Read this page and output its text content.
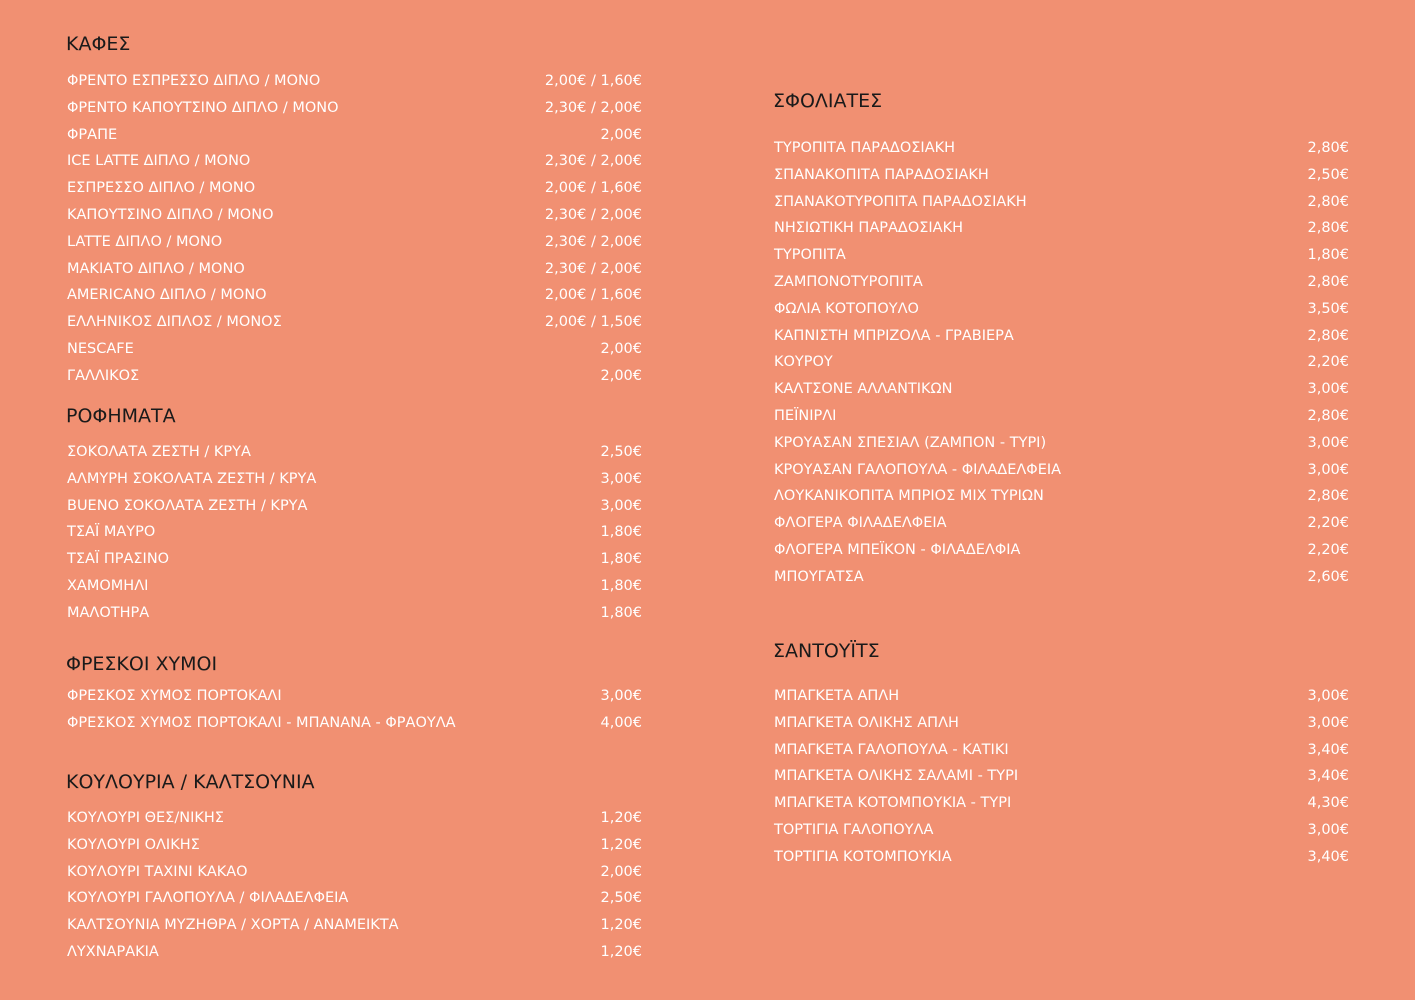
ΚΑΦΕΣ
ΦΡΕΝΤΟ ΕΣΠΡΕΣΣΟ ΔΙΠΛΟ / ΜΟΝΟ	2,00€ / 1,60€
ΦΡΕΝΤΟ ΚΑΠΟΥΤΣΙΝΟ ΔΙΠΛΟ / ΜΟΝΟ	2,30€ / 2,00€
ΦΡΑΠΕ	2,00€
ICE LATTE ΔΙΠΛΟ / ΜΟΝΟ	2,30€ / 2,00€
ΕΣΠΡΕΣΣΟ ΔΙΠΛΟ / ΜΟΝΟ	2,00€ / 1,60€
ΚΑΠΟΥΤΣΙΝΟ ΔΙΠΛΟ / ΜΟΝΟ	2,30€ / 2,00€
LATTE ΔΙΠΛΟ / ΜΟΝΟ	2,30€ / 2,00€
ΜΑΚΙΑΤΟ ΔΙΠΛΟ / ΜΟΝΟ	2,30€ / 2,00€
AMERICANO ΔΙΠΛΟ / ΜΟΝΟ	2,00€ / 1,60€
ΕΛΛΗΝΙΚΟΣ ΔΙΠΛΟΣ / ΜΟΝΟΣ	2,00€ / 1,50€
NESCAFE	2,00€
ΓΑΛΛΙΚΟΣ	2,00€
ΡΟΦΗΜΑΤΑ
ΣΟΚΟΛΑΤΑ ΖΕΣΤΗ / ΚΡΥΑ	2,50€
ΑΛΜΥΡΗ ΣΟΚΟΛΑΤΑ ΖΕΣΤΗ / ΚΡΥΑ	3,00€
BUENO ΣΟΚΟΛΑΤΑ ΖΕΣΤΗ / ΚΡΥΑ	3,00€
ΤΣΑΪ ΜΑΥΡΟ	1,80€
ΤΣΑΪ ΠΡΑΣΙΝΟ	1,80€
ΧΑΜΟΜΗΛΙ	1,80€
ΜΑΛΟΤΗΡΑ	1,80€
ΦΡΕΣΚΟΙ ΧΥΜΟΙ
ΦΡΕΣΚΟΣ ΧΥΜΟΣ ΠΟΡΤΟΚΑΛΙ	3,00€
ΦΡΕΣΚΟΣ ΧΥΜΟΣ ΠΟΡΤΟΚΑΛΙ - ΜΠΑΝΑΝΑ - ΦΡΑΟΥΛΑ	4,00€
ΚΟΥΛΟΥΡΙΑ / ΚΑΛΤΣΟΥΝΙΑ
ΚΟΥΛΟΥΡΙ ΘΕΣ/ΝΙΚΗΣ	1,20€
ΚΟΥΛΟΥΡΙ ΟΛΙΚΗΣ	1,20€
ΚΟΥΛΟΥΡΙ ΤΑΧΙΝΙ ΚΑΚΑΟ	2,00€
ΚΟΥΛΟΥΡΙ ΓΑΛΟΠΟΥΛΑ / ΦΙΛΑΔΕΛΦΕΙΑ	2,50€
ΚΑΛΤΣΟΥΝΙΑ ΜΥΖΗΘΡΑ / ΧΟΡΤΑ / ΑΝΑΜΕΙΚΤΑ	1,20€
ΛΥΧΝΑΡΑΚΙΑ	1,20€
ΣΦΟΛΙΑΤΕΣ
ΤΥΡΟΠΙΤΑ ΠΑΡΑΔΟΣΙΑΚΗ	2,80€
ΣΠΑΝΑΚΟΠΙΤΑ ΠΑΡΑΔΟΣΙΑΚΗ	2,50€
ΣΠΑΝΑΚΟΤΥΡΟΠΙΤΑ ΠΑΡΑΔΟΣΙΑΚΗ	2,80€
ΝΗΣΙΩΤΙΚΗ ΠΑΡΑΔΟΣΙΑΚΗ	2,80€
ΤΥΡΟΠΙΤΑ	1,80€
ΖΑΜΠΟΝΟΤΥΡΟΠΙΤΑ	2,80€
ΦΩΛΙΑ ΚΟΤΟΠΟΥΛΟ	3,50€
ΚΑΠΝΙΣΤΗ ΜΠΡΙΖΟΛΑ - ΓΡΑΒΙΕΡΑ	2,80€
ΚΟΥΡΟΥ	2,20€
ΚΑΛΤΣΟΝΕ ΑΛΛΑΝΤΙΚΩΝ	3,00€
ΠΕΪΝΙΡΛΙ	2,80€
ΚΡΟΥΑΣΑΝ ΣΠΕΣΙΑΛ (ΖΑΜΠΟΝ - ΤΥΡΙ)	3,00€
ΚΡΟΥΑΣΑΝ ΓΑΛΟΠΟΥΛΑ - ΦΙΛΑΔΕΛΦΕΙΑ	3,00€
ΛΟΥΚΑΝΙΚΟΠΙΤΑ ΜΠΡΙΟΣ ΜΙΧ ΤΥΡΙΩΝ	2,80€
ΦΛΟΓΕΡΑ ΦΙΛΑΔΕΛΦΕΙΑ	2,20€
ΦΛΟΓΕΡΑ ΜΠΕΪΚΟΝ - ΦΙΛΑΔΕΛΦΙΑ	2,20€
ΜΠΟΥΓΑΤΣΑ	2,60€
ΣΑΝΤΟΥΪΤΣ
ΜΠΑΓΚΕΤΑ ΑΠΛΗ	3,00€
ΜΠΑΓΚΕΤΑ ΟΛΙΚΗΣ ΑΠΛΗ	3,00€
ΜΠΑΓΚΕΤΑ ΓΑΛΟΠΟΥΛΑ - ΚΑΤΙΚΙ	3,40€
ΜΠΑΓΚΕΤΑ ΟΛΙΚΗΣ ΣΑΛΑΜΙ - ΤΥΡΙ	3,40€
ΜΠΑΓΚΕΤΑ ΚΟΤΟΜΠΟΥΚΙΑ - ΤΥΡΙ	4,30€
ΤΟΡΤΙΓΙΑ ΓΑΛΟΠΟΥΛΑ	3,00€
ΤΟΡΤΙΓΙΑ ΚΟΤΟΜΠΟΥΚΙΑ	3,40€
